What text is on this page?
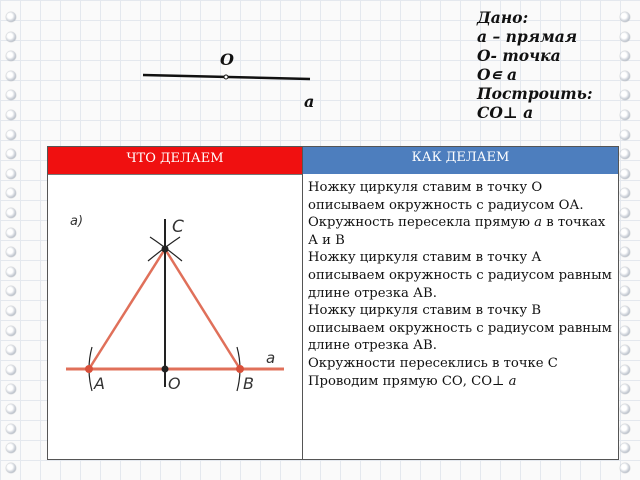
Дано:
а – прямая
О- точка
О∊ а
Построить:
СО⊥ а
О
а
ЧТО ДЕЛАЕМ	КАК ДЕЛАЕМ
а)	C
A	O	B
a

Ножку циркуля ставим в точку О описываем окружность с радиусом ОА.

Окружность пересекла прямую а в точках А и В

Ножку циркуля ставим в точку А описываем окружность с радиусом равным длине отрезка АВ.

Ножку циркуля ставим в точку В описываем окружность с радиусом равным длине отрезка АВ.

Окружности пересеклись в точке С

Проводим прямую СО, СО⊥ а
